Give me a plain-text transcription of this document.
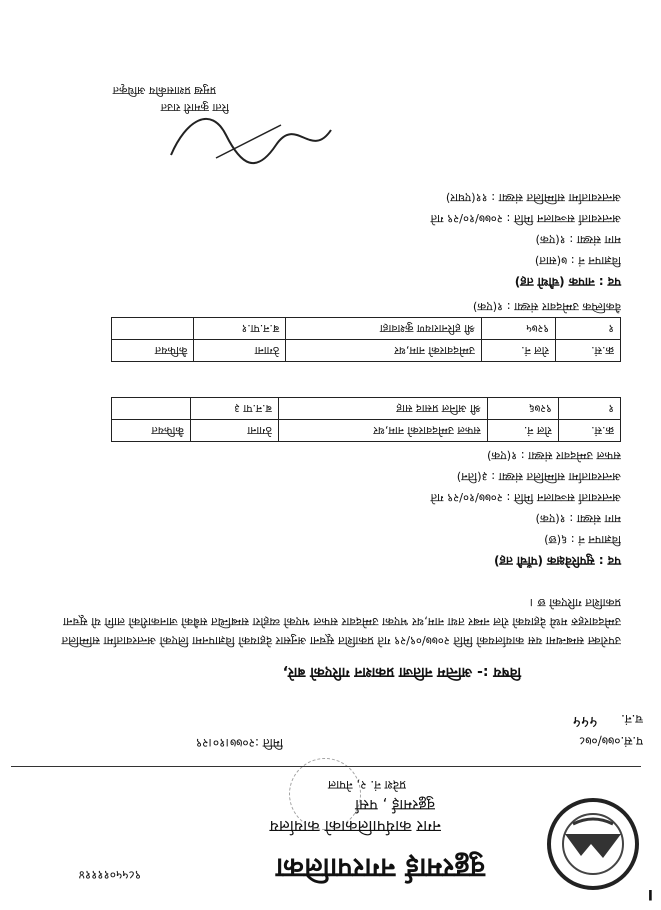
I
वुढ्ढरमाई नगरपालिका
९८५५०११११४
नगर कार्यपालिकाको कार्यालय
वुढ्ढरमाई , पर्सा
प्रदेश नं. २, नेपाल
प.सं.०७७/०७८
मिति :२०७७।१०।२९
च.नं.
५५५
विषय :- अन्तिम नतिजा प्रकाशन गरिएको बारे,
उपरोक्त सम्बन्धमा यस कार्यालयको मिति २०७७/०९/२९ गते प्रकाशित सूचना अनुसार देहायको विज्ञापनमा लिएको अन्तरवार्तामा सम्मिलित उम्मेदवारहरु मध्ये देहायको रोल नम्बर तथा नाम,थर भएका उम्मेदवार सफल भएको व्यहोरा सम्बन्धित सबैको जानकारीको लागि यो सूचना प्रकाशित गरिएको छ ।
पद : सुपरिवेक्षक (पाँचौ तह)
विज्ञापन नं : ६(छ)
माग संख्या : १(एक)
अन्तरवार्ता सञ्चालन मिति : २०७७/१०/२९ गते
अन्तरवार्तामा सम्मिलित संख्या : ३(तिन)
सफल उम्मेदवार संख्या : १(एक)
क्र.सं.	रोल नं.	सफल उम्मेदवारको नाम,थर	ठेगाना	कैफियत
१	९२७६	श्री अनिल प्रसाद साह	ब.न.पा ३	
क्र.सं.	रोल नं.	उम्मेदवारको नाम,थर	ठेगाना	कैफियत
१	९२७५	श्री हरिनारायण कुशवाहा	ब.न.पा.१	
वैकल्पिक उम्मेदवार संख्या : १(एक)
पद : नापक (चौथो तह)
विज्ञापन नं : ७(सात)
माग संख्या : १(एक)
अन्तरवार्ता सञ्चालन मिति : २०७७/१०/२९ गते
अन्तरवार्तामा सम्मिलित संख्या : ११(एघार)
रिता कुमारी राउत
प्रमुख प्रशासकीय अधिकृत
